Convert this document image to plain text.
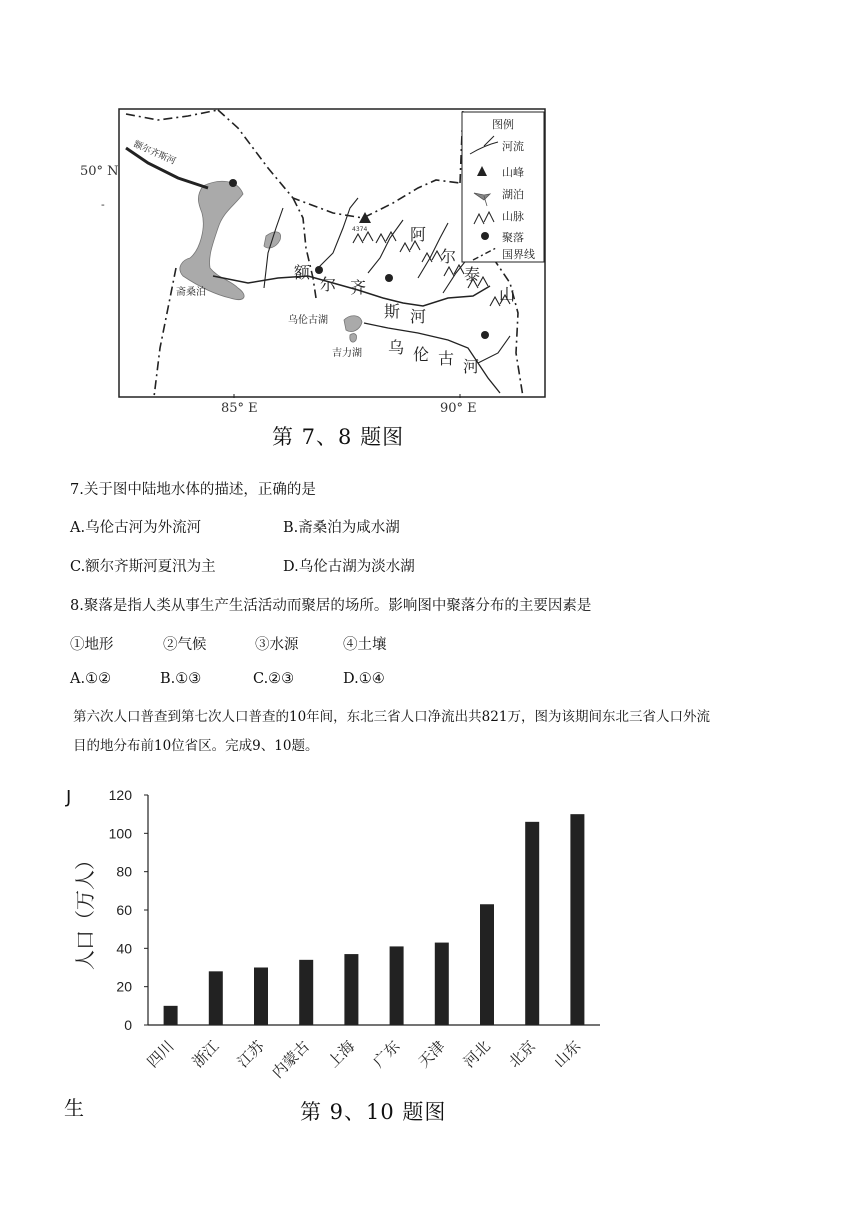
4374
额尔齐斯河
斋桑泊
乌伦古湖
吉力湖
阿
尔
泰
山
额
尔 齐
斯 河
乌 伦 古 河
图例
河流
山峰
湖泊
山脉
聚落
国界线
50° N
-
85° E	90° E
第 7、8 题图
7.关于图中陆地水体的描述，正确的是
A.乌伦古河为外流河	B.斋桑泊为咸水湖
C.额尔齐斯河夏汛为主	D.乌伦古湖为淡水湖
8.聚落是指人类从事生产生活活动而聚居的场所。影响图中聚落分布的主要因素是
①地形	②气候	③水源	④土壤
A.①②	B.①③	C.②③	D.①④
第六次人口普查到第七次人口普查的10年间，东北三省人口净流出共821万，图为该期间东北三省人口外流
目的地分布前10位省区。完成9、10题。
J
生
0
20
40
60
80
100
120
人口（万人）
四川 浙江 江苏 内蒙古 上海 广东 天津 河北 北京 山东
第 9、10 题图
